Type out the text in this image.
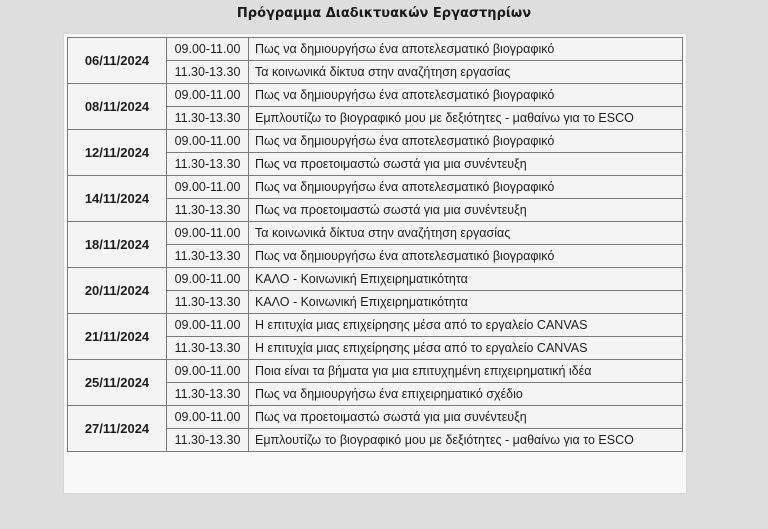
Πρόγραμμα Διαδικτυακών Εργαστηρίων
06/11/2024	09.00-11.00	Πως να δημιουργήσω ένα αποτελεσματικό βιογραφικό
	11.30-13.30	Τα κοινωνικά δίκτυα στην αναζήτηση εργασίας
08/11/2024	09.00-11.00	Πως να δημιουργήσω ένα αποτελεσματικό βιογραφικό
	11.30-13.30	Εμπλουτίζω το βιογραφικό μου με δεξιότητες - μαθαίνω για το ESCO
12/11/2024	09.00-11.00	Πως να δημιουργήσω ένα αποτελεσματικό βιογραφικό
	11.30-13.30	Πως να προετοιμαστώ σωστά για μια συνέντευξη
14/11/2024	09.00-11.00	Πως να δημιουργήσω ένα αποτελεσματικό βιογραφικό
	11.30-13.30	Πως να προετοιμαστώ σωστά για μια συνέντευξη
18/11/2024	09.00-11.00	Τα κοινωνικά δίκτυα στην αναζήτηση εργασίας
	11.30-13.30	Πως να δημιουργήσω ένα αποτελεσματικό βιογραφικό
20/11/2024	09.00-11.00	ΚΑΛΟ - Κοινωνική Επιχειρηματικότητα
	11.30-13.30	ΚΑΛΟ - Κοινωνική Επιχειρηματικότητα
21/11/2024	09.00-11.00	Η επιτυχία μιας επιχείρησης μέσα από το εργαλείο CANVAS
	11.30-13.30	Η επιτυχία μιας επιχείρησης μέσα από το εργαλείο CANVAS
25/11/2024	09.00-11.00	Ποια είναι τα βήματα για μια επιτυχημένη επιχειρηματική ιδέα
	11.30-13.30	Πως να δημιουργήσω ένα επιχειρηματικό σχέδιο
27/11/2024	09.00-11.00	Πως να προετοιμαστώ σωστά για μια συνέντευξη
	11.30-13.30	Εμπλουτίζω το βιογραφικό μου με δεξιότητες - μαθαίνω για το ESCO
